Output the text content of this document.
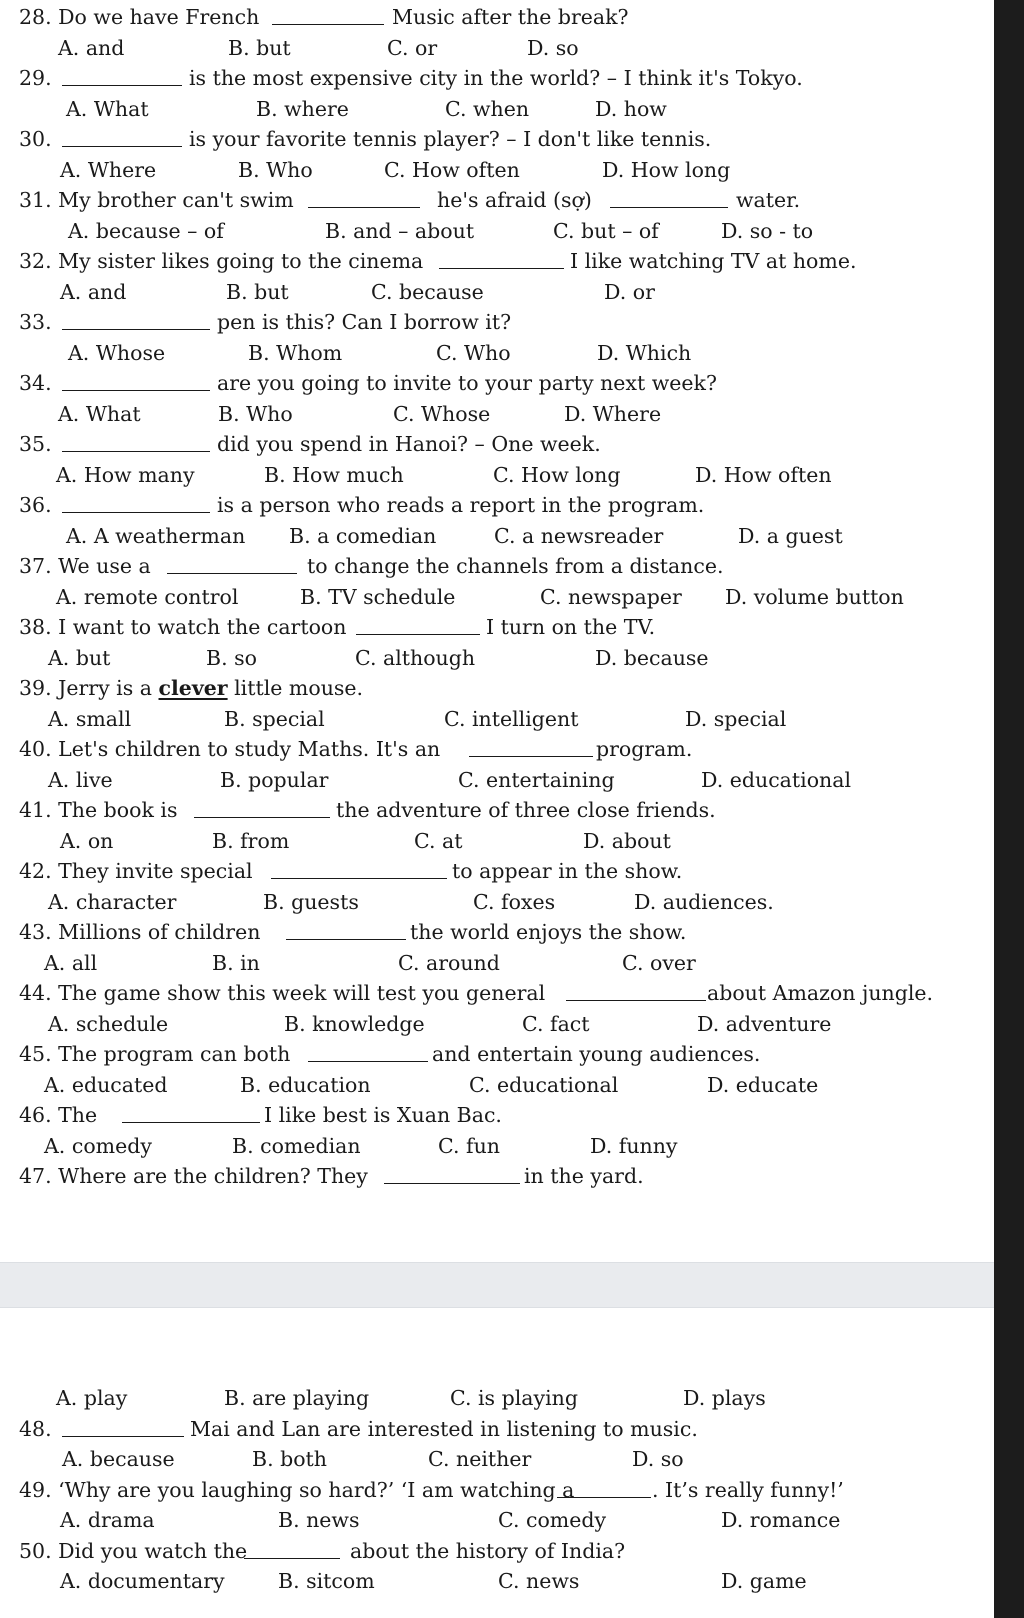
28. Do we have French	Music after the break?
A. and	B. but	C. or	D. so
29.	is the most expensive city in the world? – I think it's Tokyo.
A. What	B. where	C. when	D. how
30.	is your favorite tennis player? – I don't like tennis.
A. Where	B. Who	C. How often	D. How long
31. My brother can't swim	he's afraid (sợ)	water.
A. because – of	B. and – about	C. but – of	D. so - to
32. My sister likes going to the cinema	I like watching TV at home.
A. and	B. but	C. because	D. or
33.	pen is this? Can I borrow it?
A. Whose	B. Whom	C. Who	D. Which
34.	are you going to invite to your party next week?
A. What	B. Who	C. Whose	D. Where
35.	did you spend in Hanoi? – One week.
A. How many	B. How much	C. How long	D. How often
36.	is a person who reads a report in the program.
A. A weatherman B. a comedian	C. a newsreader	D. a guest
37. We use a	to change the channels from a distance.
A. remote control	B. TV schedule	C. newspaper D. volume button
38. I want to watch the cartoon	I turn on the TV.
A. but	B. so	C. although	D. because
39. Jerry is a clever little mouse.
A. small	B. special	C. intelligent	D. special
40. Let's children to study Maths. It's an	program.
A. live	B. popular	C. entertaining	D. educational
41. The book is	the adventure of three close friends.
A. on	B. from	C. at	D. about
42. They invite special	to appear in the show.
A. character	B. guests	C. foxes	D. audiences.
43. Millions of children	the world enjoys the show.
A. all	B. in	C. around	C. over
44. The game show this week will test you general	about Amazon jungle.
A. schedule	B. knowledge	C. fact	D. adventure
45. The program can both	and entertain young audiences.
A. educated	B. education	C. educational	D. educate
46. The	I like best is Xuan Bac.
A. comedy	B. comedian	C. fun	D. funny
47. Where are the children? They	in the yard.
A. play	B. are playing	C. is playing	D. plays
48.	Mai and Lan are interested in listening to music.
A. because	B. both	C. neither	D. so
49. ‘Why are you laughing so hard?’ ‘I am watching a	. It’s really funny!’
A. drama	B. news	C. comedy	D. romance
50. Did you watch the	about the history of India?
A. documentary	B. sitcom	C. news	D. game
